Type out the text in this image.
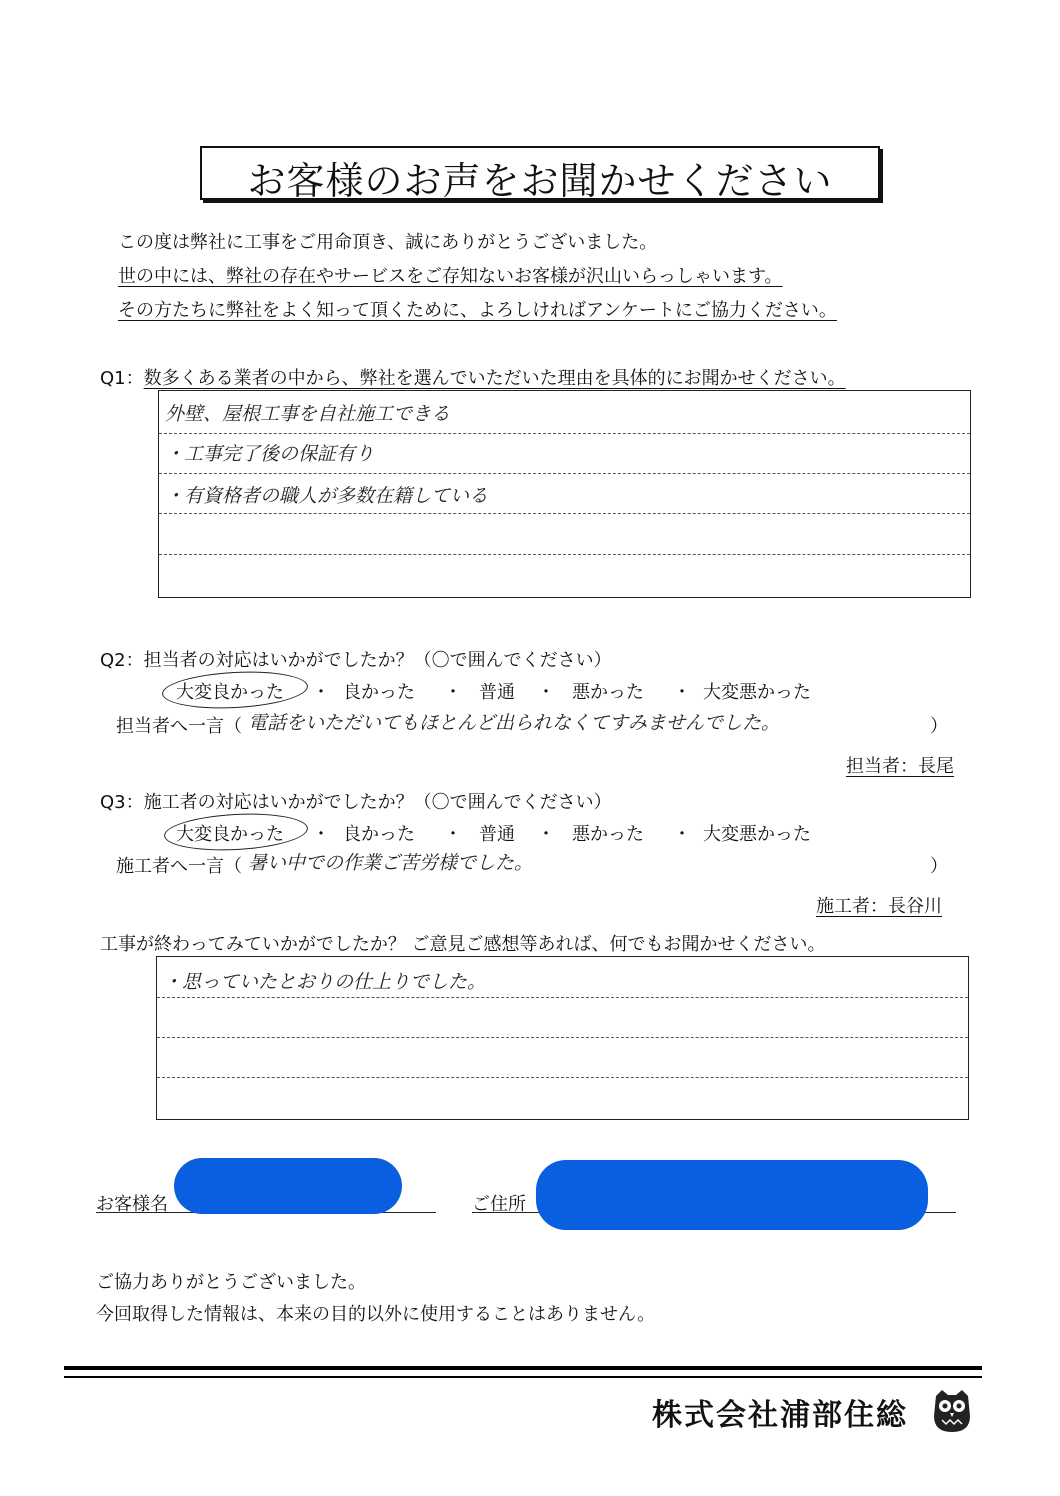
お客様のお声をお聞かせください
この度は弊社に工事をご用命頂き、誠にありがとうございました。
世の中には、弊社の存在やサービスをご存知ないお客様が沢山いらっしゃいます。
その方たちに弊社をよく知って頂くために、よろしければアンケートにご協力ください。
Q1：数多くある業者の中から、弊社を選んでいただいた理由を具体的にお聞かせください。
外壁、屋根工事を自社施工できる
・工事完了後の保証有り
・有資格者の職人が多数在籍している
Q2：担当者の対応はいかがでしたか？（〇で囲んでください）
大変良かった ・ 良かった ・ 普通 ・ 悪かった ・ 大変悪かった
担当者へ一言（ 電話をいただいてもほとんど出られなくてすみませんでした。	）
担当者：長尾
Q3：施工者の対応はいかがでしたか？（〇で囲んでください）
大変良かった ・ 良かった ・ 普通 ・ 悪かった ・ 大変悪かった
施工者へ一言（ 暑い中での作業ご苦労様でした。	）
施工者：長谷川
工事が終わってみていかがでしたか？ ご意見ご感想等あれば、何でもお聞かせください。
・思っていたとおりの仕上りでした。
お客様名	ご住所
ご協力ありがとうございました。
今回取得した情報は、本来の目的以外に使用することはありません。
株式会社浦部住総
